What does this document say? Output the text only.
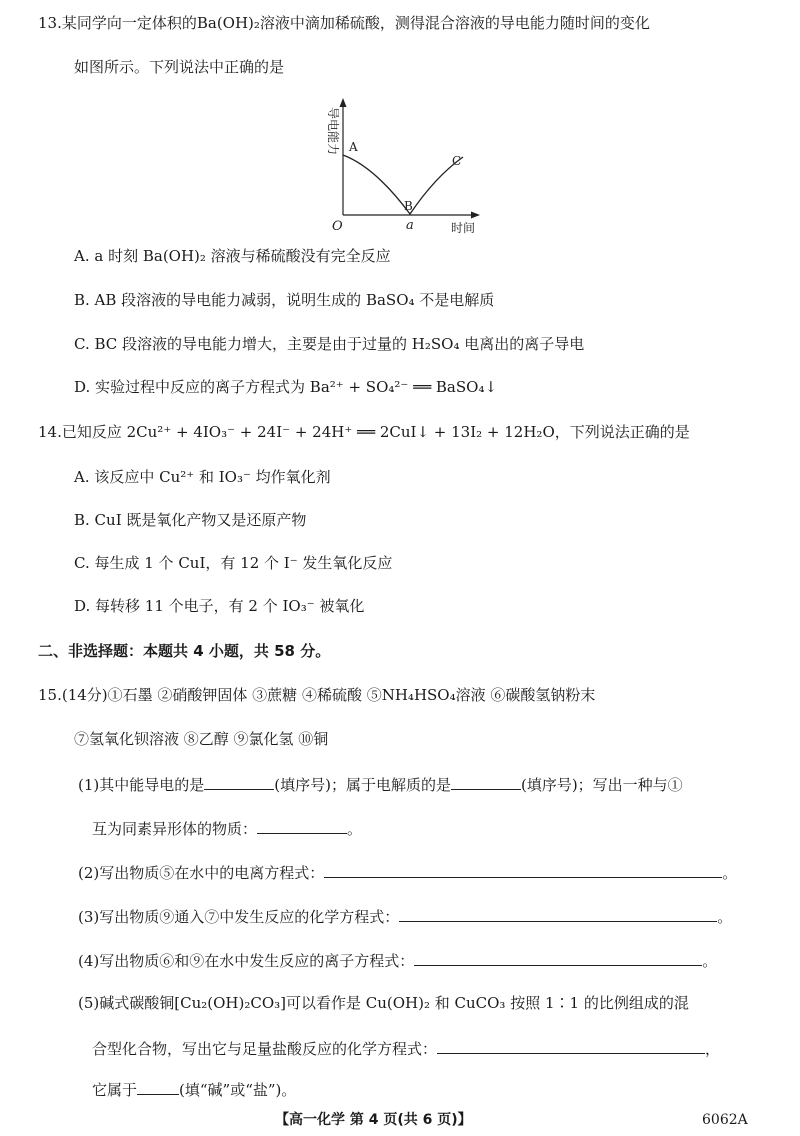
13.某同学向一定体积的Ba(OH)₂溶液中滴加稀硫酸，测得混合溶液的导电能力随时间的变化
如图所示。下列说法中正确的是
导电能力
O
A
B
C
a	时间
A. a 时刻 Ba(OH)₂ 溶液与稀硫酸没有完全反应
B. AB 段溶液的导电能力减弱，说明生成的 BaSO₄ 不是电解质
C. BC 段溶液的导电能力增大，主要是由于过量的 H₂SO₄ 电离出的离子导电
D. 实验过程中反应的离子方程式为 Ba²⁺ + SO₄²⁻ ══ BaSO₄↓
14.已知反应 2Cu²⁺ + 4IO₃⁻ + 24I⁻ + 24H⁺ ══ 2CuI↓ + 13I₂ + 12H₂O，下列说法正确的是
A. 该反应中 Cu²⁺ 和 IO₃⁻ 均作氧化剂
B. CuI 既是氧化产物又是还原产物
C. 每生成 1 个 CuI，有 12 个 I⁻ 发生氧化反应
D. 每转移 11 个电子，有 2 个 IO₃⁻ 被氧化
二、非选择题：本题共 4 小题，共 58 分。
15.(14分)①石墨 ②硝酸钾固体 ③蔗糖 ④稀硫酸 ⑤NH₄HSO₄溶液 ⑥碳酸氢钠粉末
⑦氢氧化钡溶液 ⑧乙醇 ⑨氯化氢 ⑩铜
(1)其中能导电的是	(填序号)；属于电解质的是	(填序号)；写出一种与①
互为同素异形体的物质：	。
(2)写出物质⑤在水中的电离方程式：	。
(3)写出物质⑨通入⑦中发生反应的化学方程式：	。
(4)写出物质⑥和⑨在水中发生反应的离子方程式：	。
(5)碱式碳酸铜[Cu₂(OH)₂CO₃]可以看作是 Cu(OH)₂ 和 CuCO₃ 按照 1∶1 的比例组成的混
合型化合物，写出它与足量盐酸反应的化学方程式：	，
它属于	(填“碱”或“盐”)。
【高一化学 第 4 页(共 6 页)】	6062A
